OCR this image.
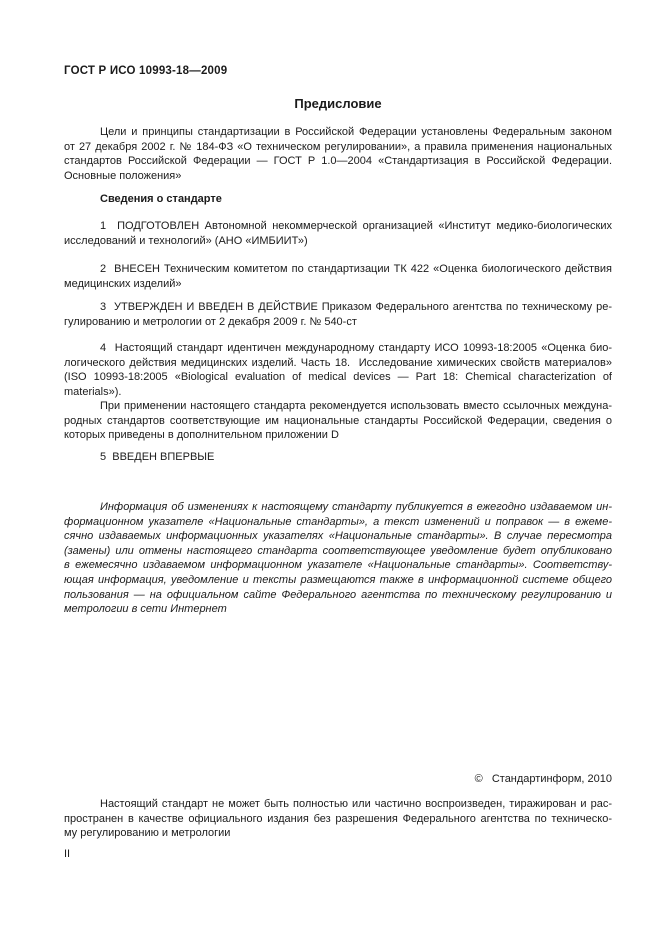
ГОСТ Р ИСО 10993-18—2009
Предисловие
Цели и принципы стандартизации в Российской Федерации установлены Федеральным законом
от 27 декабря 2002 г. № 184-ФЗ «О техническом регулировании», а правила применения национальных
стандартов Российской Федерации — ГОСТ Р 1.0—2004 «Стандартизация в Российской Федерации.
Основные положения»
Сведения о стандарте
1  ПОДГОТОВЛЕН Автономной некоммерческой организацией «Институт медико-биологических
исследований и технологий» (АНО «ИМБИИТ»)
2  ВНЕСЕН Техническим комитетом по стандартизации ТК 422 «Оценка биологического действия
медицинских изделий»
3  УТВЕРЖДЕН И ВВЕДЕН В ДЕЙСТВИЕ Приказом Федерального агентства по техническому ре-
гулированию и метрологии от 2 декабря 2009 г. № 540-ст
4  Настоящий стандарт идентичен международному стандарту ИСО 10993-18:2005 «Оценка био-
логического действия медицинских изделий. Часть 18.  Исследование химических свойств материалов»
(ISO 10993-18:2005 «Biological evaluation of medical devices — Part 18: Chemical characterization of
materials»).
При применении настоящего стандарта рекомендуется использовать вместо ссылочных междуна-
родных стандартов соответствующие им национальные стандарты Российской Федерации, сведения о
которых приведены в дополнительном приложении D
5  ВВЕДЕН ВПЕРВЫЕ
Информация об изменениях к настоящему стандарту публикуется в ежегодно издаваемом ин-
формационном указателе «Национальные стандарты», а текст изменений и поправок — в ежеме-
сячно издаваемых информационных указателях «Национальные стандарты». В случае пересмотра
(замены) или отмены настоящего стандарта соответствующее уведомление будет опубликовано
в ежемесячно издаваемом информационном указателе «Национальные стандарты». Соответству-
ющая информация, уведомление и тексты размещаются также в информационной системе общего
пользования — на официальном сайте Федерального агентства по техническому регулированию и
метрологии в сети Интернет
©   Стандартинформ, 2010
Настоящий стандарт не может быть полностью или частично воспроизведен, тиражирован и рас-
пространен в качестве официального издания без разрешения Федерального агентства по техническо-
му регулированию и метрологии
II
